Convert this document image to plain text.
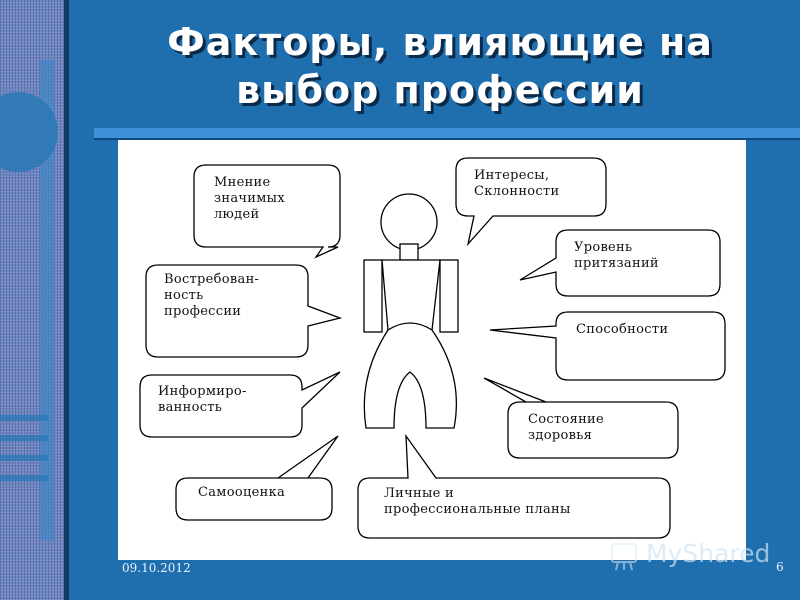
Факторы, влияющие на выбор профессии
Мнение
значимых
людей
Интересы,
Склонности
Уровень
притязаний
Востребован-
ность
профессии
Способности
Информиро-
ванность
Состояние
здоровья
Самооценка	Личные и
профессиональные планы
09.10.2012	MyShared 6
